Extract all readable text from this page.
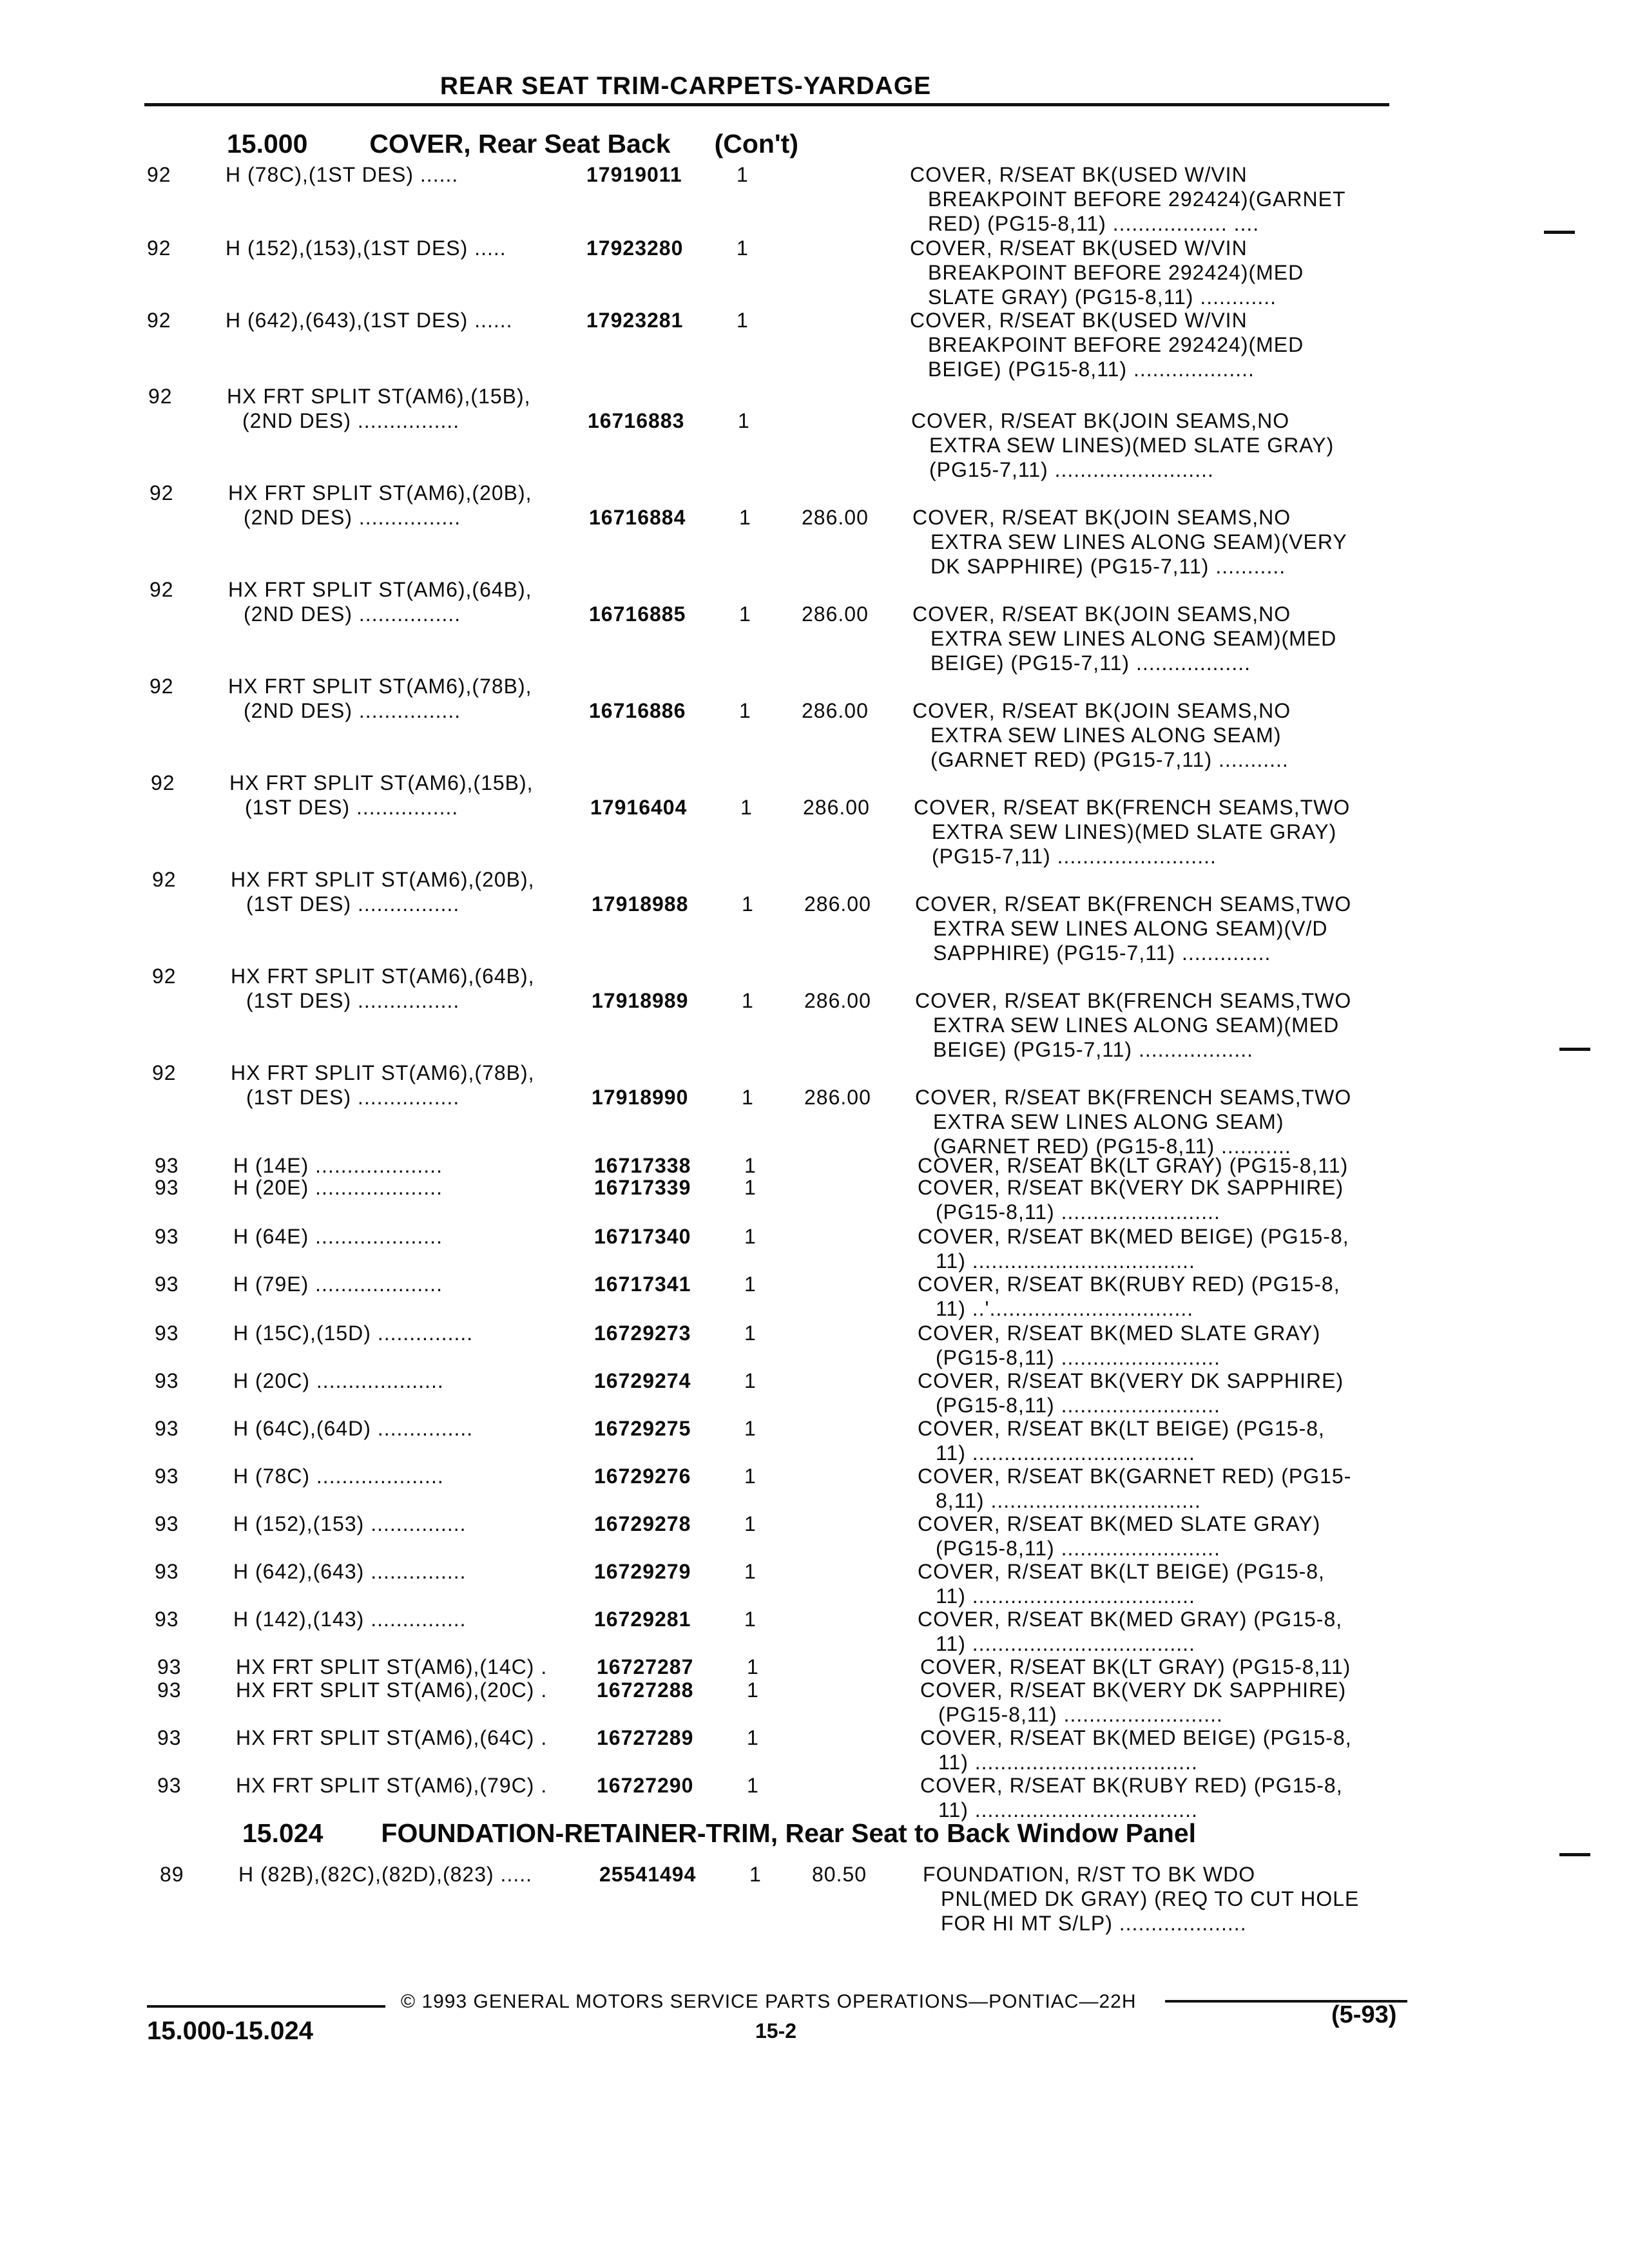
REAR SEAT TRIM-CARPETS-YARDAGE
15.000 COVER, Rear Seat Back (Con't)
92	H (78C),(1ST DES) ......	17919011	1	COVER, R/SEAT BK(USED W/VIN
BREAKPOINT BEFORE 292424)(GARNET
RED) (PG15-8,11) .................. ....
92	H (152),(153),(1ST DES) .....	17923280	1	COVER, R/SEAT BK(USED W/VIN
BREAKPOINT BEFORE 292424)(MED
SLATE GRAY) (PG15-8,11) ............
92	H (642),(643),(1ST DES) ......	17923281	1	COVER, R/SEAT BK(USED W/VIN
BREAKPOINT BEFORE 292424)(MED
BEIGE) (PG15-8,11) ...................
92	HX FRT SPLIT ST(AM6),(15B),
(2ND DES) ................	16716883	1	COVER, R/SEAT BK(JOIN SEAMS,NO
EXTRA SEW LINES)(MED SLATE GRAY)
(PG15-7,11) .........................
92	HX FRT SPLIT ST(AM6),(20B),
(2ND DES) ................	16716884	1 286.00 COVER, R/SEAT BK(JOIN SEAMS,NO
EXTRA SEW LINES ALONG SEAM)(VERY
DK SAPPHIRE) (PG15-7,11) ...........
92	HX FRT SPLIT ST(AM6),(64B),
(2ND DES) ................	16716885	1 286.00 COVER, R/SEAT BK(JOIN SEAMS,NO
EXTRA SEW LINES ALONG SEAM)(MED
BEIGE) (PG15-7,11) ..................
92	HX FRT SPLIT ST(AM6),(78B),
(2ND DES) ................	16716886	1 286.00 COVER, R/SEAT BK(JOIN SEAMS,NO
EXTRA SEW LINES ALONG SEAM)
(GARNET RED) (PG15-7,11) ...........
92	HX FRT SPLIT ST(AM6),(15B),
(1ST DES) ................	17916404	1 286.00 COVER, R/SEAT BK(FRENCH SEAMS,TWO
EXTRA SEW LINES)(MED SLATE GRAY)
(PG15-7,11) .........................
92	HX FRT SPLIT ST(AM6),(20B),
(1ST DES) ................	17918988	1 286.00 COVER, R/SEAT BK(FRENCH SEAMS,TWO
EXTRA SEW LINES ALONG SEAM)(V/D
SAPPHIRE) (PG15-7,11) ..............
92	HX FRT SPLIT ST(AM6),(64B),
(1ST DES) ................	17918989	1 286.00 COVER, R/SEAT BK(FRENCH SEAMS,TWO
EXTRA SEW LINES ALONG SEAM)(MED
BEIGE) (PG15-7,11) ..................
92	HX FRT SPLIT ST(AM6),(78B),
(1ST DES) ................	17918990	1 286.00 COVER, R/SEAT BK(FRENCH SEAMS,TWO
EXTRA SEW LINES ALONG SEAM)
(GARNET RED) (PG15-8,11) ...........
93	H (14E) ....................	16717338	1	COVER, R/SEAT BK(LT GRAY) (PG15-8,11)
93	H (20E) ....................	16717339	1	COVER, R/SEAT BK(VERY DK SAPPHIRE)
(PG15-8,11) .........................
93	H (64E) ....................	16717340	1	COVER, R/SEAT BK(MED BEIGE) (PG15-8,
11) ...................................
93	H (79E) ....................	16717341	1	COVER, R/SEAT BK(RUBY RED) (PG15-8,
11) ..'................................
93	H (15C),(15D) ...............	16729273	1	COVER, R/SEAT BK(MED SLATE GRAY)
(PG15-8,11) .........................
93	H (20C) ....................	16729274	1	COVER, R/SEAT BK(VERY DK SAPPHIRE)
(PG15-8,11) .........................
93	H (64C),(64D) ...............	16729275	1	COVER, R/SEAT BK(LT BEIGE) (PG15-8,
11) ...................................
93	H (78C) ....................	16729276	1	COVER, R/SEAT BK(GARNET RED) (PG15-
8,11) .................................
93	H (152),(153) ...............	16729278	1	COVER, R/SEAT BK(MED SLATE GRAY)
(PG15-8,11) .........................
93	H (642),(643) ...............	16729279	1	COVER, R/SEAT BK(LT BEIGE) (PG15-8,
11) ...................................
93	H (142),(143) ...............	16729281	1	COVER, R/SEAT BK(MED GRAY) (PG15-8,
11) ...................................
93	HX FRT SPLIT ST(AM6),(14C) . 16727287	1	COVER, R/SEAT BK(LT GRAY) (PG15-8,11)
93	HX FRT SPLIT ST(AM6),(20C) . 16727288	1	COVER, R/SEAT BK(VERY DK SAPPHIRE)
(PG15-8,11) .........................
93	HX FRT SPLIT ST(AM6),(64C) . 16727289	1	COVER, R/SEAT BK(MED BEIGE) (PG15-8,
11) ...................................
93	HX FRT SPLIT ST(AM6),(79C) . 16727290	1	COVER, R/SEAT BK(RUBY RED) (PG15-8,
11) ...................................
15.024 FOUNDATION-RETAINER-TRIM, Rear Seat to Back Window Panel
89	H (82B),(82C),(82D),(823) .....	25541494	1 80.50	FOUNDATION, R/ST TO BK WDO
PNL(MED DK GRAY) (REQ TO CUT HOLE
FOR HI MT S/LP) ....................
© 1993 GENERAL MOTORS SERVICE PARTS OPERATIONS—PONTIAC—22H
15.000-15.024	15-2
(5-93)
